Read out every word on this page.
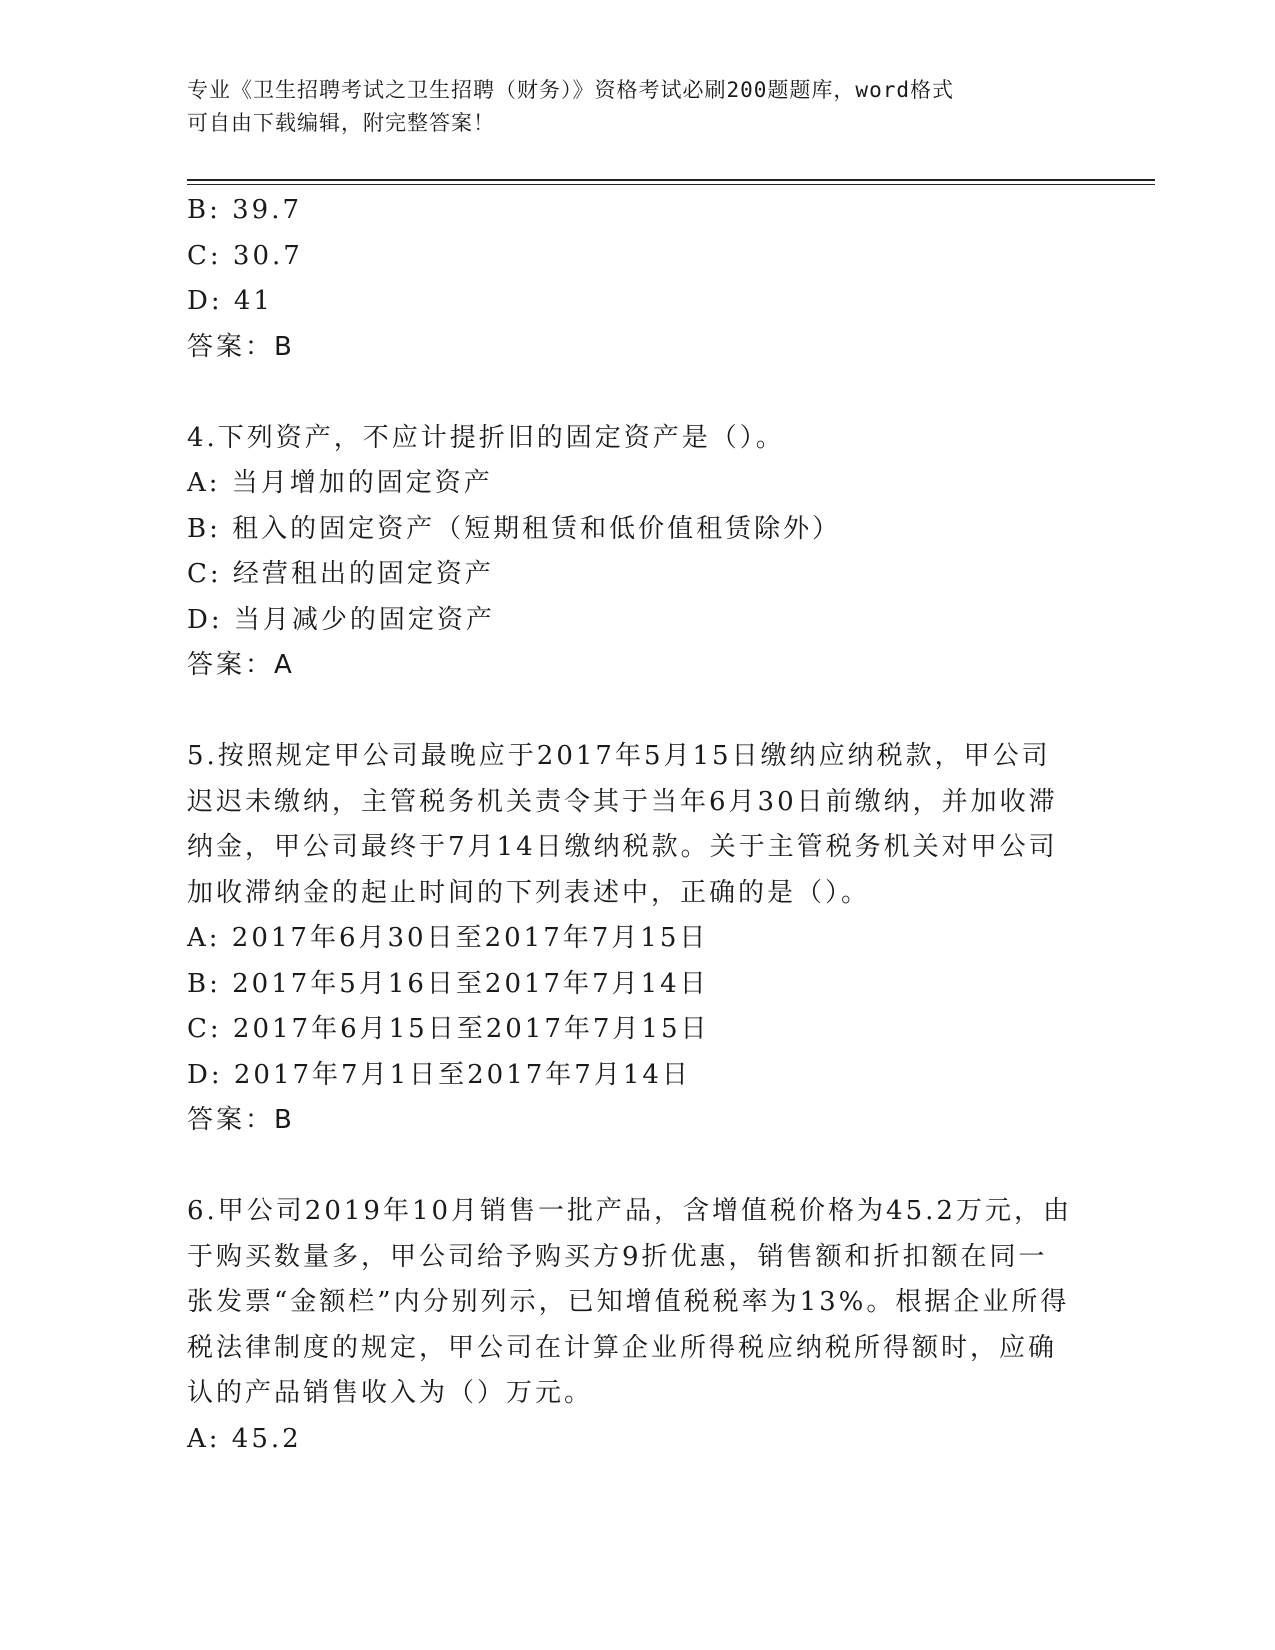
专业《卫生招聘考试之卫生招聘（财务）》资格考试必刷200题题库，word格式
可自由下载编辑，附完整答案！
B: 39.7
C: 30.7
D: 41
答案：B
4.下列资产，不应计提折旧的固定资产是（）。
A: 当月增加的固定资产
B: 租入的固定资产（短期租赁和低价值租赁除外）
C: 经营租出的固定资产
D: 当月减少的固定资产
答案：A
5.按照规定甲公司最晚应于2017年5月15日缴纳应纳税款，甲公司
迟迟未缴纳，主管税务机关责令其于当年6月30日前缴纳，并加收滞
纳金，甲公司最终于7月14日缴纳税款。关于主管税务机关对甲公司
加收滞纳金的起止时间的下列表述中，正确的是（）。
A: 2017年6月30日至2017年7月15日
B: 2017年5月16日至2017年7月14日
C: 2017年6月15日至2017年7月15日
D: 2017年7月1日至2017年7月14日
答案：B
6.甲公司2019年10月销售一批产品，含增值税价格为45.2万元，由
于购买数量多，甲公司给予购买方9折优惠，销售额和折扣额在同一
张发票“金额栏”内分别列示，已知增值税税率为13%。根据企业所得
税法律制度的规定，甲公司在计算企业所得税应纳税所得额时，应确
认的产品销售收入为（）万元。
A: 45.2
